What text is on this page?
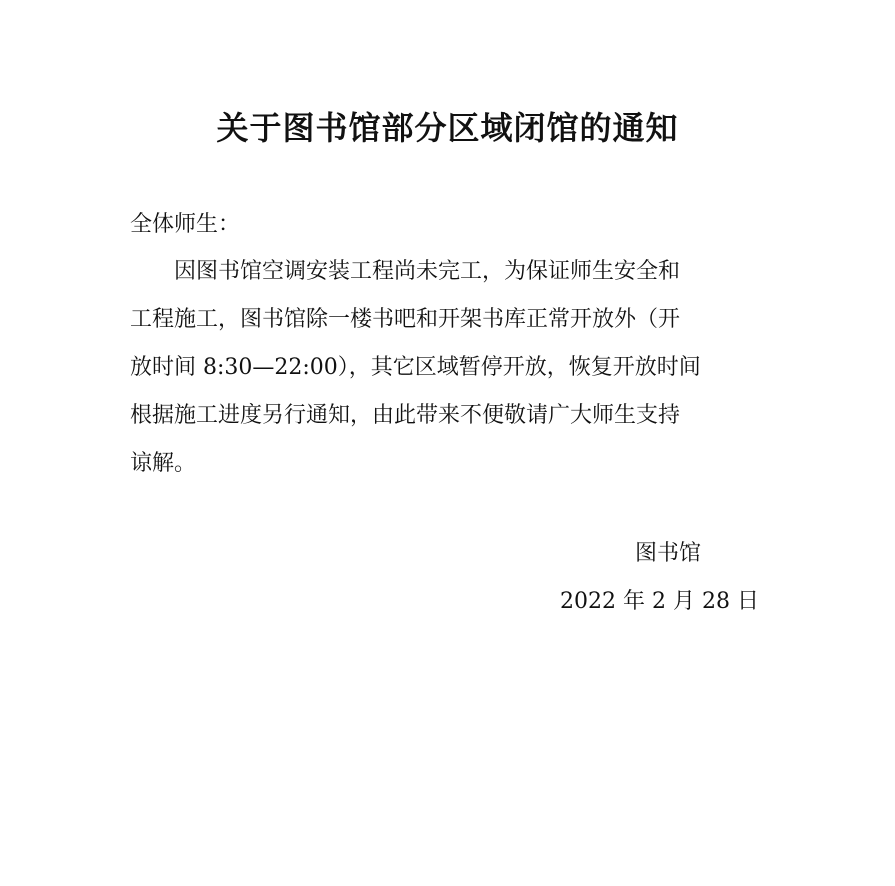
关于图书馆部分区域闭馆的通知
全体师生：
因图书馆空调安装工程尚未完工，为保证师生安全和
工程施工，图书馆除一楼书吧和开架书库正常开放外（开
放时间 8:30—22:00），其它区域暂停开放，恢复开放时间
根据施工进度另行通知，由此带来不便敬请广大师生支持
谅解。
图书馆
2022 年 2 月 28 日
